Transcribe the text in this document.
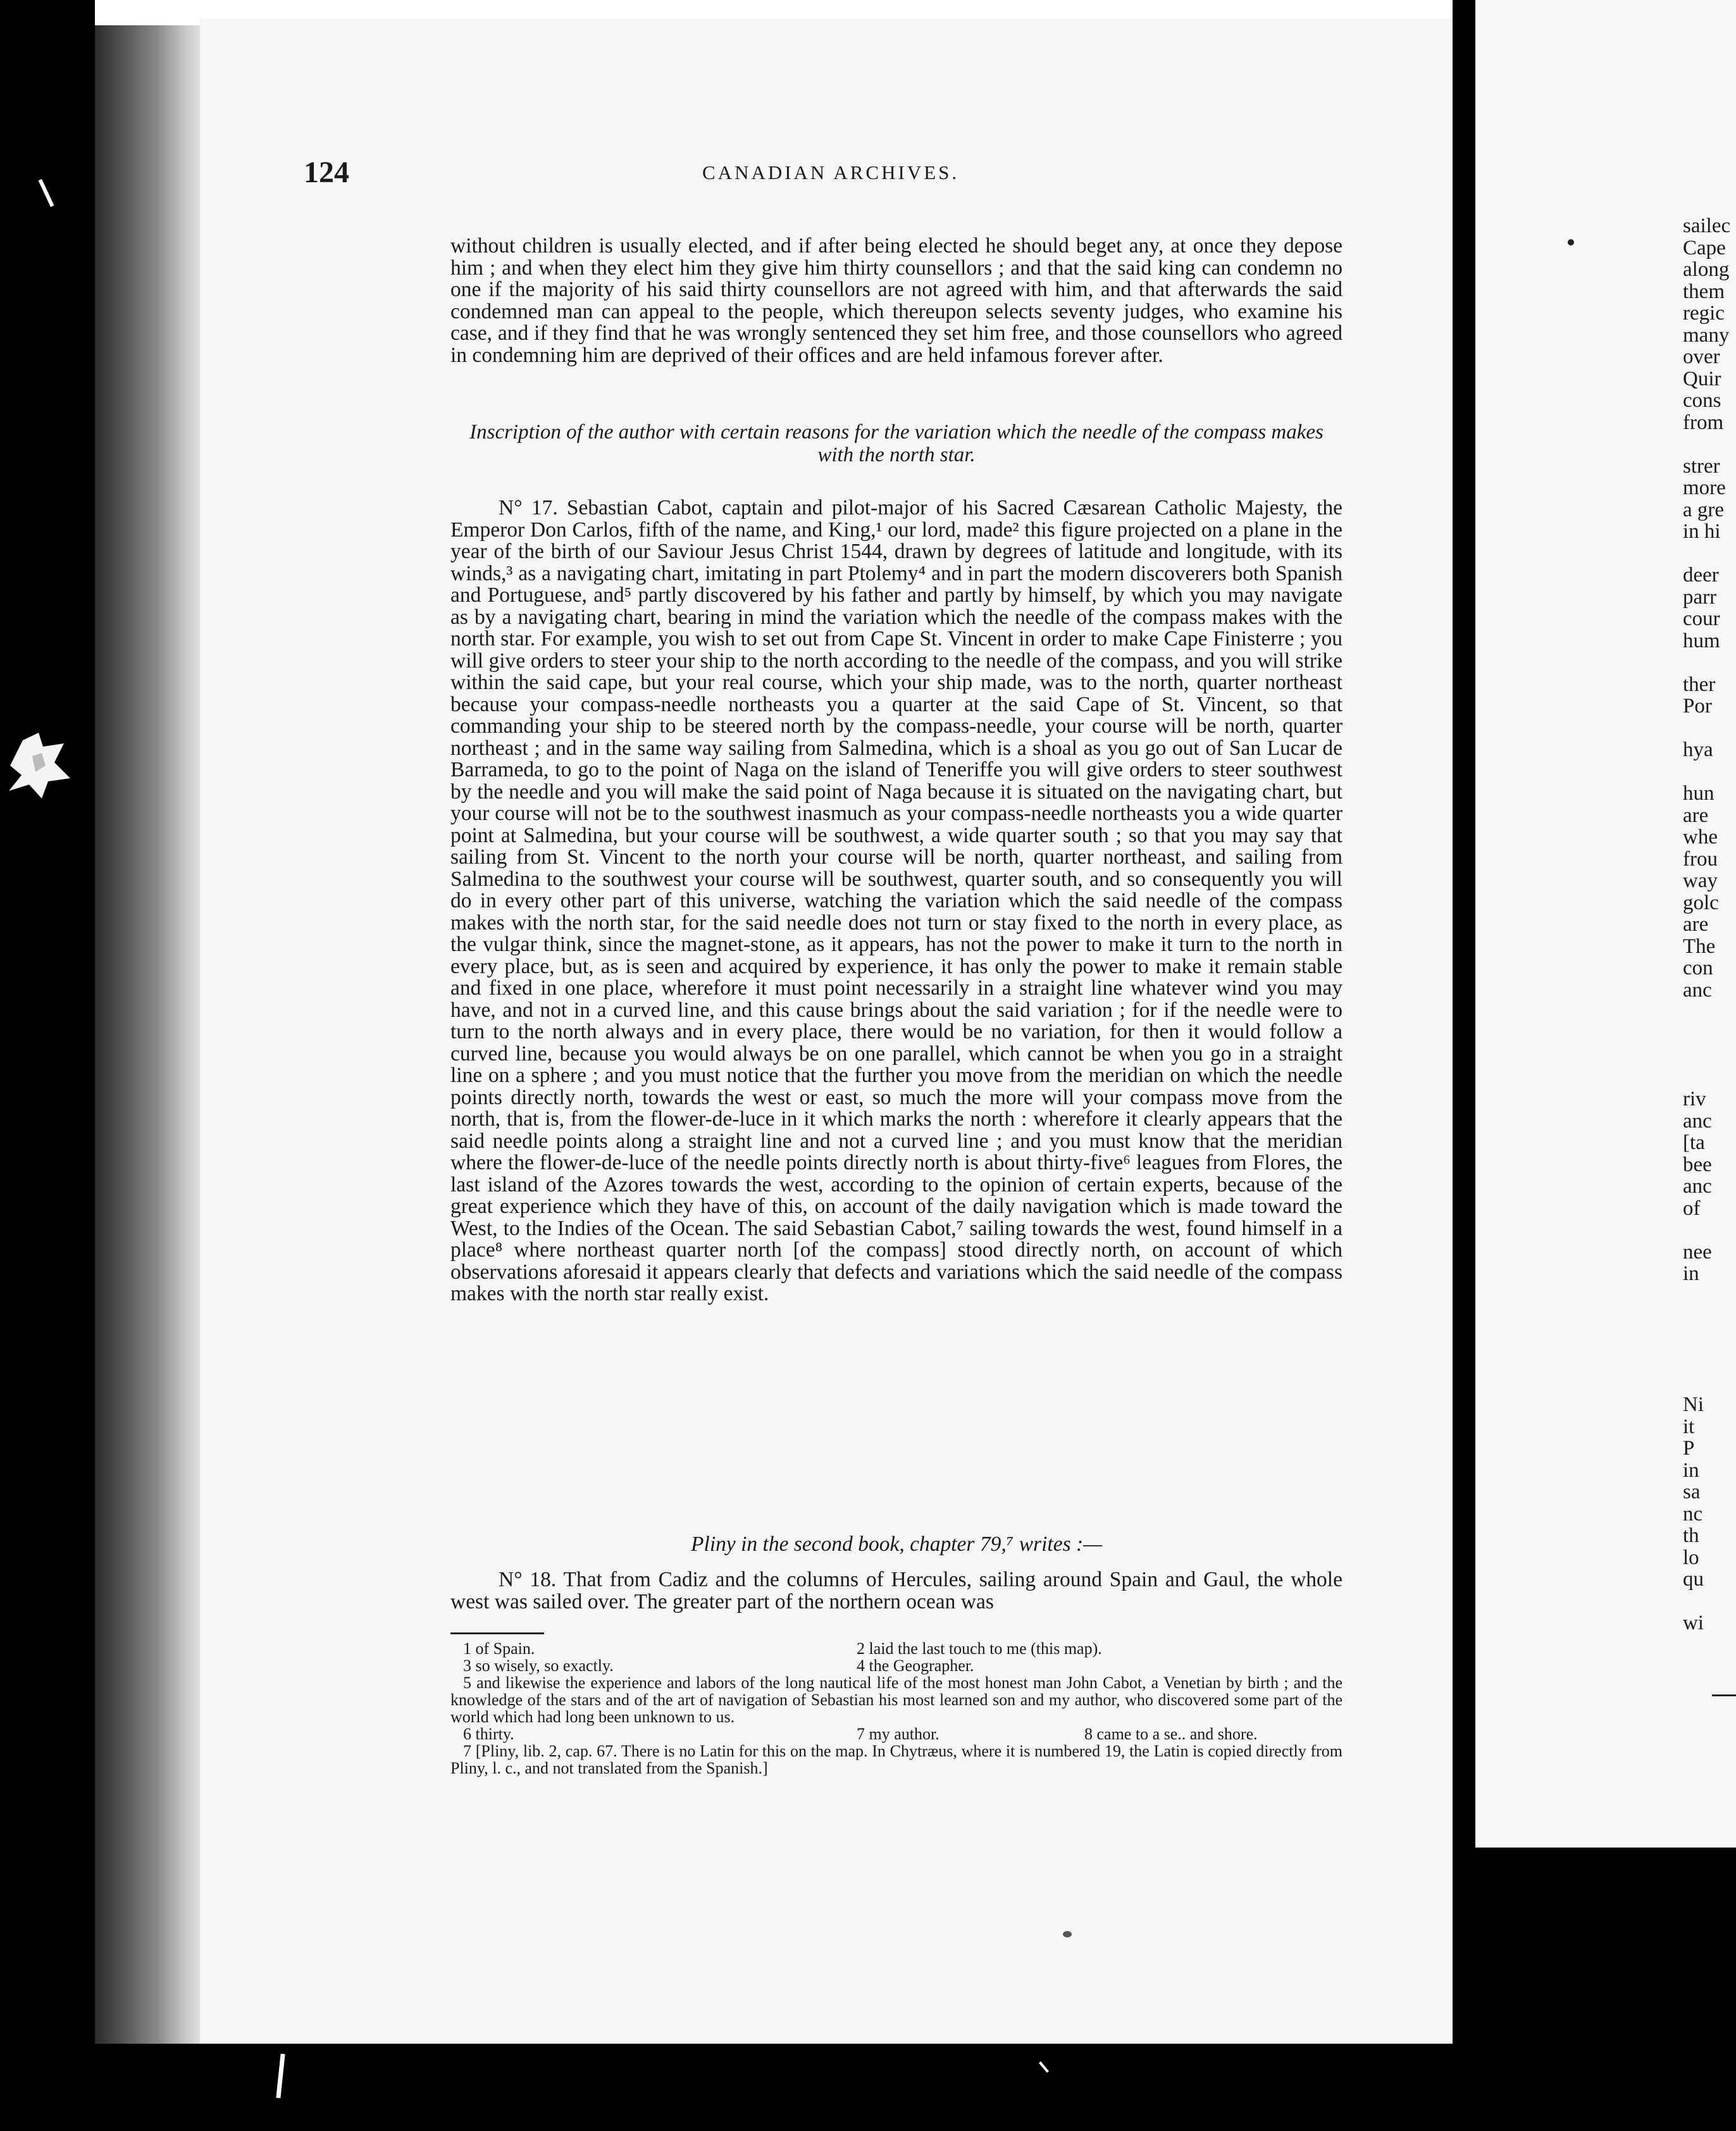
124	CANADIAN ARCHIVES.

without children is usually elected, and if after being elected he should beget any, at once they depose him ; and when they elect him they give him thirty counsellors ; and that the said king can condemn no one if the majority of his said thirty counsellors are not agreed with him, and that afterwards the said condemned man can appeal to the people, which thereupon selects seventy judges, who examine his case, and if they find that he was wrongly sentenced they set him free, and those counsellors who agreed in condemning him are deprived of their offices and are held infamous forever after.

Inscription of the author with certain reasons for the variation which the needle of the compass makes with the north star.

N° 17. Sebastian Cabot, captain and pilot-major of his Sacred Cæsarean Catholic Majesty, the Emperor Don Carlos, fifth of the name, and King,¹ our lord, made² this figure projected on a plane in the year of the birth of our Saviour Jesus Christ 1544, drawn by degrees of latitude and longitude, with its winds,³ as a navigating chart, imitating in part Ptolemy⁴ and in part the modern discoverers both Spanish and Portuguese, and⁵ partly discovered by his father and partly by himself, by which you may navigate as by a navigating chart, bearing in mind the variation which the needle of the compass makes with the north star. For example, you wish to set out from Cape St. Vincent in order to make Cape Finisterre ; you will give orders to steer your ship to the north according to the needle of the compass, and you will strike within the said cape, but your real course, which your ship made, was to the north, quarter northeast because your compass-needle northeasts you a quarter at the said Cape of St. Vincent, so that commanding your ship to be steered north by the compass-needle, your course will be north, quarter northeast ; and in the same way sailing from Salmedina, which is a shoal as you go out of San Lucar de Barrameda, to go to the point of Naga on the island of Teneriffe you will give orders to steer southwest by the needle and you will make the said point of Naga because it is situated on the navigating chart, but your course will not be to the southwest inasmuch as your compass-needle northeasts you a wide quarter point at Salmedina, but your course will be southwest, a wide quarter south ; so that you may say that sailing from St. Vincent to the north your course will be north, quarter northeast, and sailing from Salmedina to the southwest your course will be southwest, quarter south, and so consequently you will do in every other part of this universe, watching the variation which the said needle of the compass makes with the north star, for the said needle does not turn or stay fixed to the north in every place, as the vulgar think, since the magnet-stone, as it appears, has not the power to make it turn to the north in every place, but, as is seen and acquired by experience, it has only the power to make it remain stable and fixed in one place, wherefore it must point necessarily in a straight line whatever wind you may have, and not in a curved line, and this cause brings about the said variation ; for if the needle were to turn to the north always and in every place, there would be no variation, for then it would follow a curved line, because you would always be on one parallel, which cannot be when you go in a straight line on a sphere ; and you must notice that the further you move from the meridian on which the needle points directly north, towards the west or east, so much the more will your compass move from the north, that is, from the flower-de-luce in it which marks the north : wherefore it clearly appears that the said needle points along a straight line and not a curved line ; and you must know that the meridian where the flower-de-luce of the needle points directly north is about thirty-five⁶ leagues from Flores, the last island of the Azores towards the west, according to the opinion of certain experts, because of the great experience which they have of this, on account of the daily navigation which is made toward the West, to the Indies of the Ocean. The said Sebastian Cabot,⁷ sailing towards the west, found himself in a place⁸ where northeast quarter north [of the compass] stood directly north, on account of which observations aforesaid it appears clearly that defects and variations which the said needle of the compass makes with the north star really exist.

Pliny in the second book, chapter 79,⁷ writes :—

N° 18. That from Cadiz and the columns of Hercules, sailing around Spain and Gaul, the whole west was sailed over. The greater part of the northern ocean was

1 of Spain.	2 laid the last touch to me (this map).
3 so wisely, so exactly.	4 the Geographer.

5 and likewise the experience and labors of the long nautical life of the most honest man John Cabot, a Venetian by birth ; and the knowledge of the stars and of the art of navigation of Sebastian his most learned son and my author, who discovered some part of the world which had long been unknown to us.

6 thirty.	7 my author.	8 came to a se.. and shore.

7 [Pliny, lib. 2, cap. 67. There is no Latin for this on the map. In Chytræus, where it is numbered 19, the Latin is copied directly from Pliny, l. c., and not translated from the Spanish.]

sailec
Cape
along
them
regic
many
over
Quir
cons
from
strer
more
a gre
in hi
deer
parr
cour
hum
ther
Por
hya
hun
are
whe
frou
way
golc
are
The
con
anc
riv
anc
[ta
bee
anc
of
nee
in
Ni
it
P
in
sa
nc
th
lo
qu
wi
